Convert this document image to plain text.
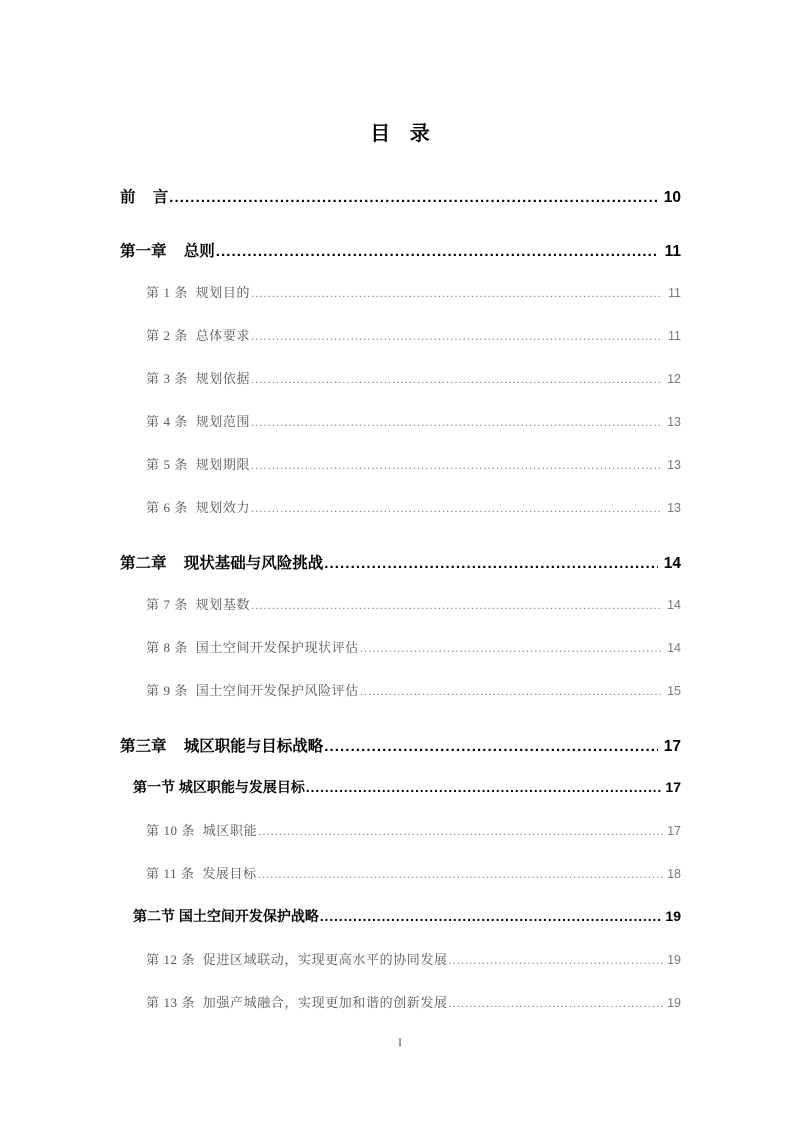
目 录
前    言 .....	10
第一章    总则 .....	11
第 1 条  规划目的 .....	11
第 2 条  总体要求 .....	11
第 3 条  规划依据 .....	12
第 4 条  规划范围 .....	13
第 5 条  规划期限 .....	13
第 6 条  规划效力 .....	13
第二章    现状基础与风险挑战 .....	14
第 7 条  规划基数 .....	14
第 8 条  国土空间开发保护现状评估 .....	14
第 9 条  国土空间开发保护风险评估 .....	15
第三章    城区职能与目标战略 .....	17
第一节 城区职能与发展目标 .....	17
第 10 条  城区职能 .....	17
第 11 条  发展目标 .....	18
第二节 国土空间开发保护战略 .....	19
第 12 条  促进区域联动，实现更高水平的协同发展 .....	19
第 13 条  加强产城融合，实现更加和谐的创新发展 .....	19
I
